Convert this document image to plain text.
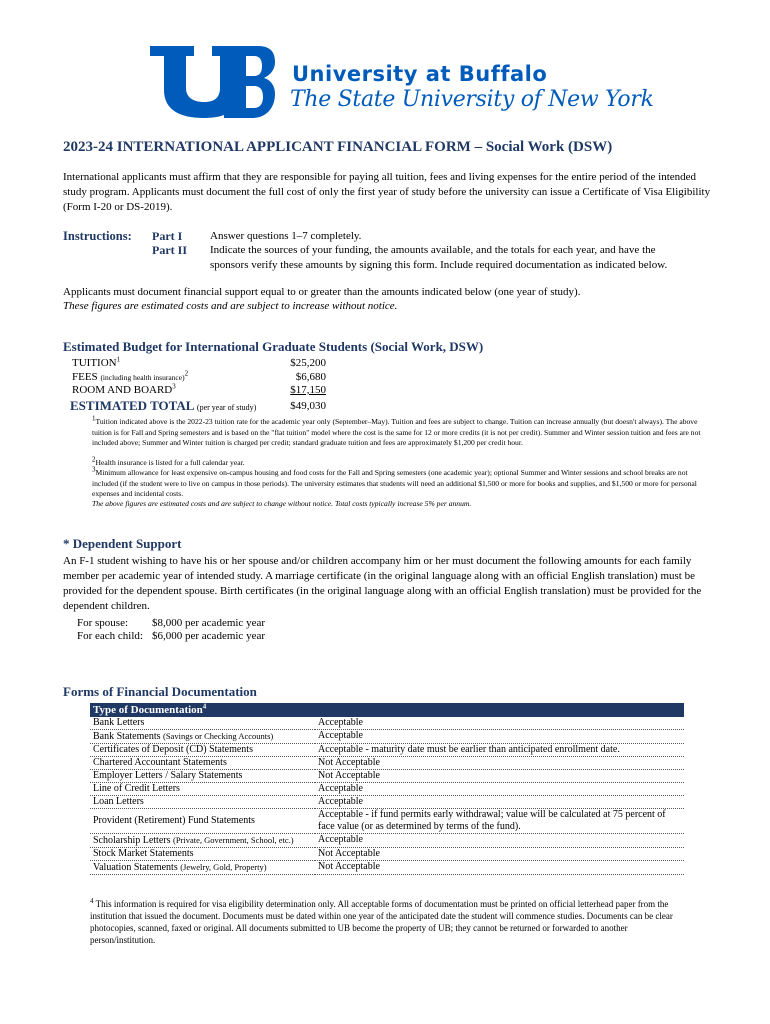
University at Buffalo
The State University of New York
2023-24 INTERNATIONAL APPLICANT FINANCIAL FORM – Social Work (DSW)
International applicants must affirm that they are responsible for paying all tuition, fees and living expenses for the entire period of the intended study program. Applicants must document the full cost of only the first year of study before the university can issue a Certificate of Visa Eligibility (Form I-20 or DS-2019).
Instructions: Part I	Answer questions 1–7 completely.
Part II Indicate the sources of your funding, the amounts available, and the totals for each year, and have the sponsors verify these amounts by signing this form. Include required documentation as indicated below.
Applicants must document financial support equal to or greater than the amounts indicated below (one year of study).
These figures are estimated costs and are subject to increase without notice.
Estimated Budget for International Graduate Students (Social Work, DSW)
TUITION$^1$	$25,200
FEES (including health insurance)$^2$	$6,680
ROOM AND BOARD$^3$	$17,150
ESTIMATED TOTAL (per year of study)	$49,030
$^1$Tuition indicated above is the 2022-23 tuition rate for the academic year only (September–May). Tuition and fees are subject to change. Tuition can increase annually (but doesn't always). The above tuition is for Fall and Spring semesters and is based on the "flat tuition" model where the cost is the same for 12 or more credits (it is not per credit). Summer and Winter session tuition and fees are not included above; Summer and Winter tuition is charged per credit; standard graduate tuition and fees are approximately $1,200 per credit hour.
$^2$Health insurance is listed for a full calendar year.
$^3$Minimum allowance for least expensive on-campus housing and food costs for the Fall and Spring semesters (one academic year); optional Summer and Winter sessions and school breaks are not included (if the student were to live on campus in those periods). The university estimates that students will need an additional $1,500 or more for books and supplies, and $1,500 or more for personal expenses and incidental costs.
The above figures are estimated costs and are subject to change without notice. Total costs typically increase 5% per annum.
* Dependent Support
An F-1 student wishing to have his or her spouse and/or children accompany him or her must document the following amounts for each family member per academic year of intended study. A marriage certificate (in the original language along with an official English translation) must be provided for the dependent spouse. Birth certificates (in the original language along with an official English translation) must be provided for the dependent children.
For spouse: $8,000 per academic year
For each child: $6,000 per academic year
Forms of Financial Documentation
Type of Documentation$^4$
Bank Letters	Acceptable
Bank Statements (Savings or Checking Accounts)	Acceptable
Certificates of Deposit (CD) Statements	Acceptable - maturity date must be earlier than anticipated enrollment date.
Chartered Accountant Statements	Not Acceptable
Employer Letters / Salary Statements	Not Acceptable
Line of Credit Letters	Acceptable
Loan Letters	Acceptable
Provident (Retirement) Fund Statements	Acceptable - if fund permits early withdrawal; value will be calculated at 75 percent of face value (or as determined by terms of the fund).
Scholarship Letters (Private, Government, School, etc.)	Acceptable
Stock Market Statements	Not Acceptable
Valuation Statements (Jewelry, Gold, Property)	Not Acceptable
$^4$ This information is required for visa eligibility determination only. All acceptable forms of documentation must be printed on official letterhead paper from the institution that issued the document. Documents must be dated within one year of the anticipated date the student will commence studies. Documents can be clear photocopies, scanned, faxed or original. All documents submitted to UB become the property of UB; they cannot be returned or forwarded to another person/institution.
